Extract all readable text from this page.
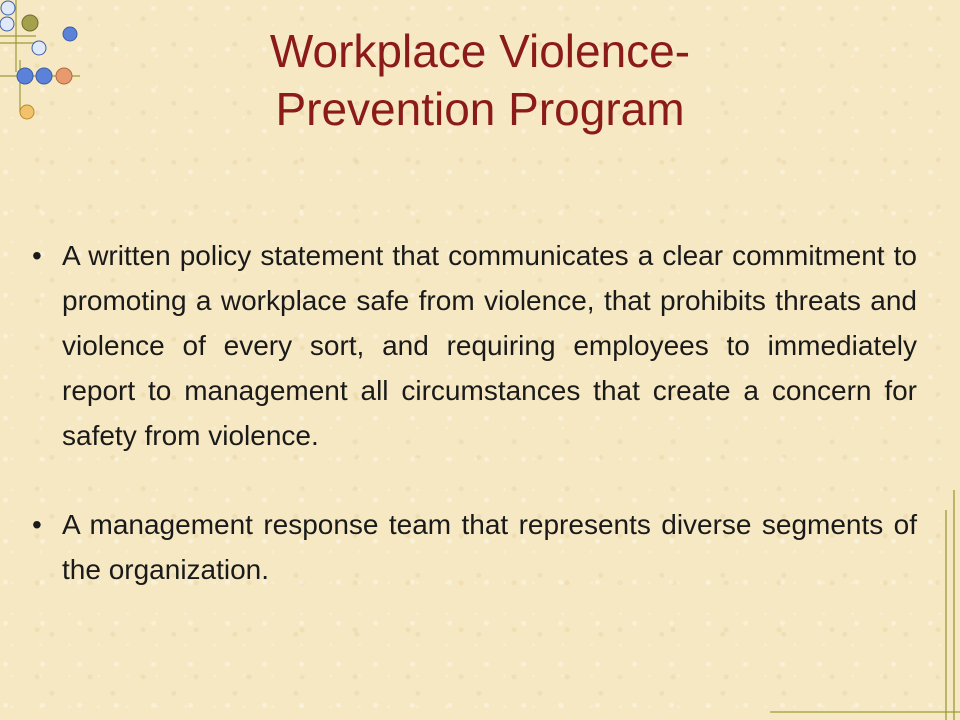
Workplace Violence-
Prevention Program
• A written policy statement that communicates a clear commitment to promoting a workplace safe from violence, that prohibits threats and violence of every sort, and requiring employees to immediately report to management all circumstances that create a concern for safety from violence.
• A management response team that represents diverse segments of the organization.
